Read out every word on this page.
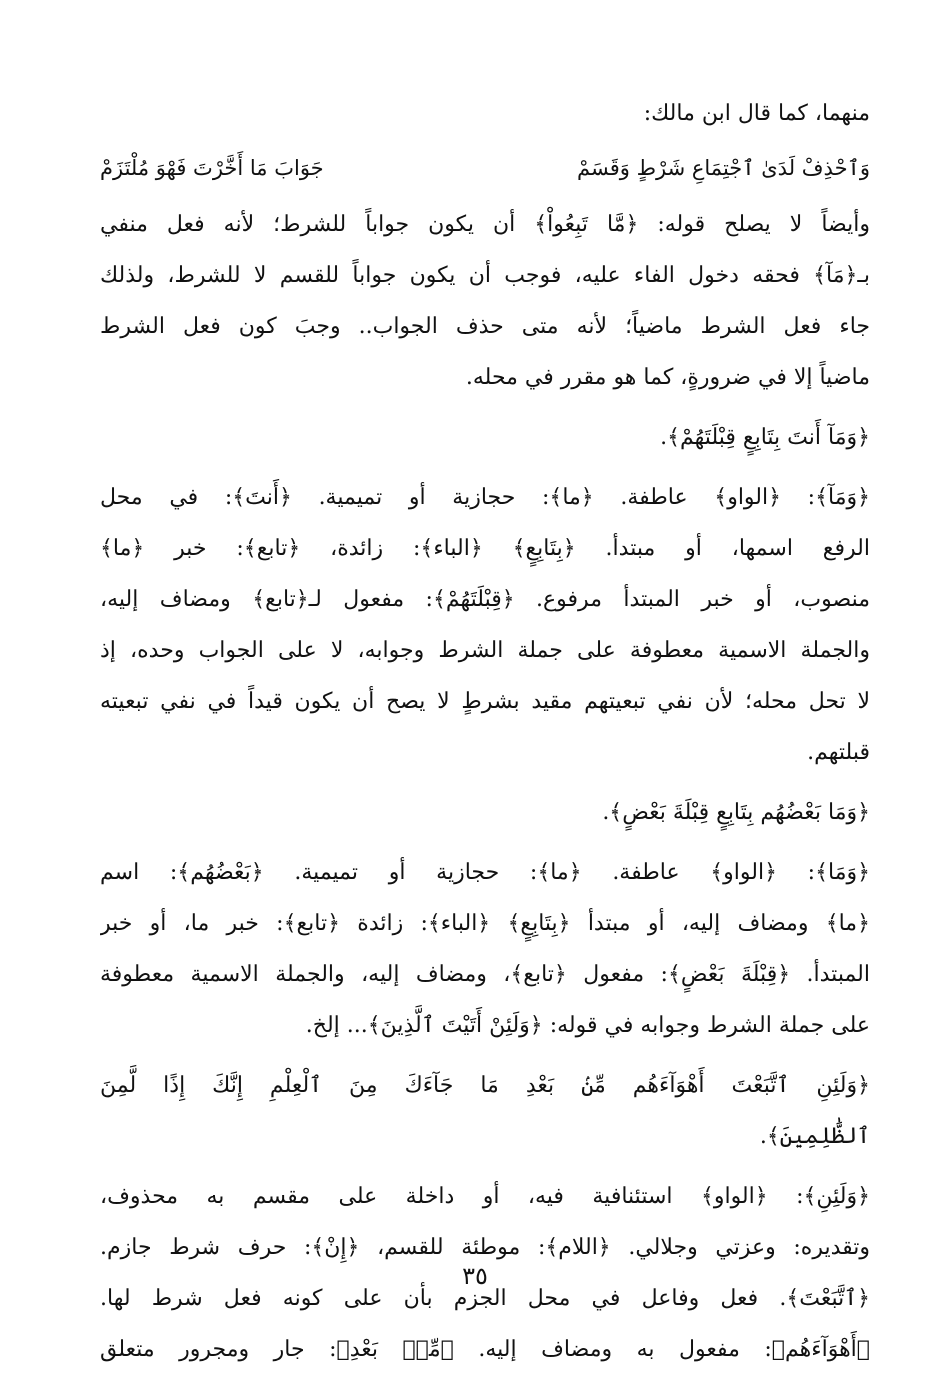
منهما، كما قال ابن مالك:
وَٱحْذِفْ لَدَىٰ ٱجْتِمَاعِ شَرْطٍ وَقَسَمْ
جَوَابَ مَا أَخَّرْتَ فَهْوَ مُلْتَزَمْ
وأيضاً لا يصلح قوله: ﴿مَّا تَبِعُواْ﴾ أن يكون جواباً للشرط؛ لأنه فعل منفي
بـ﴿مَآ﴾ فحقه دخول الفاء عليه، فوجب أن يكون جواباً للقسم لا للشرط، ولذلك
جاء فعل الشرط ماضياً؛ لأنه متى حذف الجواب.. وجبَ كون فعل الشرط
ماضياً إلا في ضرورةٍ، كما هو مقرر في محله.
﴿وَمَآ أَنتَ بِتَابِعٍ قِبْلَتَهُمْ﴾.
﴿وَمَآ﴾: ﴿الواو﴾ عاطفة. ﴿ما﴾: حجازية أو تميمية. ﴿أَنتَ﴾: في محل
الرفع اسمها، أو مبتدأ. ﴿بِتَابِعٍ﴾ ﴿الباء﴾: زائدة، ﴿تابع﴾: خبر ﴿ما﴾
منصوب، أو خبر المبتدأ مرفوع. ﴿قِبْلَتَهُمْ﴾: مفعول لـ﴿تابع﴾ ومضاف إليه،
والجملة الاسمية معطوفة على جملة الشرط وجوابه، لا على الجواب وحده، إذ
لا تحل محله؛ لأن نفي تبعيتهم مقيد بشرطٍ لا يصح أن يكون قيداً في نفي تبعيته
قبلتهم.
﴿وَمَا بَعْضُهُم بِتَابِعٍ قِبْلَةَ بَعْضٍ﴾.
﴿وَمَا﴾: ﴿الواو﴾ عاطفة. ﴿ما﴾: حجازية أو تميمية. ﴿بَعْضُهُم﴾: اسم
﴿ما﴾ ومضاف إليه، أو مبتدأ ﴿بِتَابِعٍ﴾ ﴿الباء﴾: زائدة ﴿تابع﴾: خبر ما، أو خبر
المبتدأ. ﴿قِبْلَةَ بَعْضٍ﴾: مفعول ﴿تابع﴾، ومضاف إليه، والجملة الاسمية معطوفة
على جملة الشرط وجوابه في قوله: ﴿وَلَئِنْ أَتَيْتَ ٱلَّذِينَ﴾... إلخ.
﴿وَلَئِنِ ٱتَّبَعْتَ أَهْوَآءَهُم مِّنۢ بَعْدِ مَا جَآءَكَ مِنَ ٱلْعِلْمِ إِنَّكَ إِذًا لَّمِنَ
ٱلظَّٰلِمِينَ﴾.
﴿وَلَئِنِ﴾: ﴿الواو﴾ استئنافية فيه، أو داخلة على مقسم به محذوف،
وتقديره: وعزتي وجلالي. ﴿اللام﴾: موطئة للقسم، ﴿إِنْ﴾: حرف شرط جازم.
﴿ٱتَّبَعْتَ﴾. فعل وفاعل في محل الجزم بأن على كونه فعل شرط لها.
﴿أَهْوَآءَهُم﴾: مفعول به ومضاف إليه. ﴿مِّنۢ بَعْدِ﴾: جار ومجرور متعلق
٣٥
